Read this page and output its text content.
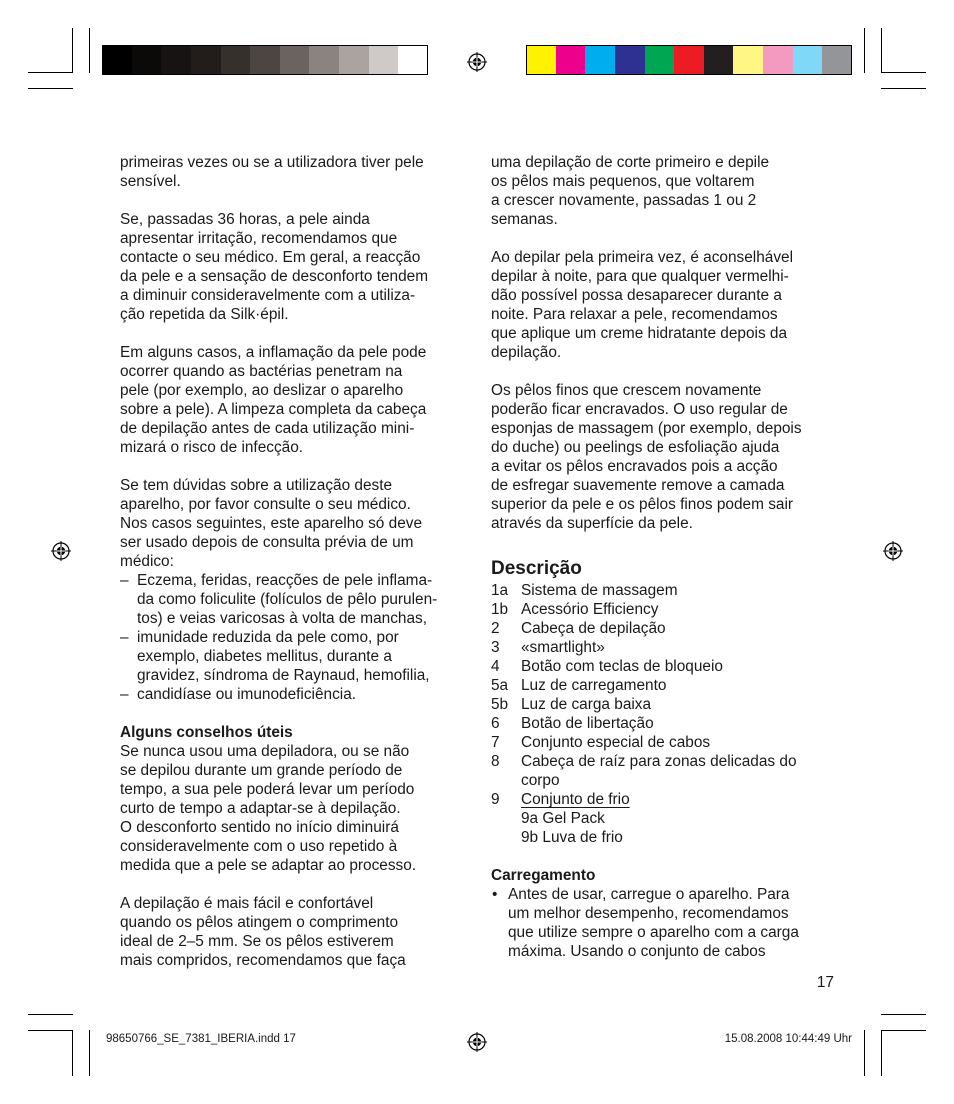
primeiras vezes ou se a utilizadora tiver pele
sensível.

Se, passadas 36 horas, a pele ainda
apresentar irritação, recomendamos que
contacte o seu médico. Em geral, a reacção
da pele e a sensação de desconforto tendem
a diminuir consideravelmente com a utiliza-
ção repetida da Silk·épil.

Em alguns casos, a inflamação da pele pode
ocorrer quando as bactérias penetram na
pele (por exemplo, ao deslizar o aparelho
sobre a pele). A limpeza completa da cabeça
de depilação antes de cada utilização mini-
mizará o risco de infecção.

Se tem dúvidas sobre a utilização deste
aparelho, por favor consulte o seu médico.
Nos casos seguintes, este aparelho só deve
ser usado depois de consulta prévia de um
médico:

– Eczema, feridas, reacções de pele inflama-
da como foliculite (folículos de pêlo purulen-
tos) e veias varicosas à volta de manchas,

– imunidade reduzida da pele como, por
exemplo, diabetes mellitus, durante a
gravidez, síndroma de Raynaud, hemofilia,

– candidíase ou imunodeficiência.

Alguns conselhos úteis

Se nunca usou uma depiladora, ou se não
se depilou durante um grande período de
tempo, a sua pele poderá levar um período
curto de tempo a adaptar-se à depilação.
O desconforto sentido no início diminuirá
consideravelmente com o uso repetido à
medida que a pele se adaptar ao processo.

A depilação é mais fácil e confortável
quando os pêlos atingem o comprimento
ideal de 2–5 mm. Se os pêlos estiverem
mais compridos, recomendamos que faça

uma depilação de corte primeiro e depile
os pêlos mais pequenos, que voltarem
a crescer novamente, passadas 1 ou 2
semanas.

Ao depilar pela primeira vez, é aconselhável
depilar à noite, para que qualquer vermelhi-
dão possível possa desaparecer durante a
noite. Para relaxar a pele, recomendamos
que aplique um creme hidratante depois da
depilação.

Os pêlos finos que crescem novamente
poderão ficar encravados. O uso regular de
esponjas de massagem (por exemplo, depois
do duche) ou peelings de esfoliação ajuda
a evitar os pêlos encravados pois a acção
de esfregar suavemente remove a camada
superior da pele e os pêlos finos podem sair
através da superfície da pele.

Descrição

1a Sistema de massagem
1b Acessório Efficiency
2	Cabeça de depilação
3	«smartlight»
4	Botão com teclas de bloqueio
5a Luz de carregamento
5b Luz de carga baixa
6	Botão de libertação
7	Conjunto especial de cabos
8	Cabeça de raíz para zonas delicadas do corpo
9	Conjunto de frio
9a Gel Pack
9b Luva de frio

Carregamento

• Antes de usar, carregue o aparelho. Para
um melhor desempenho, recomendamos
que utilize sempre o aparelho com a carga
máxima. Usando o conjunto de cabos

17
98650766_SE_7381_IBERIA.indd 17	15.08.2008 10:44:49 Uhr
